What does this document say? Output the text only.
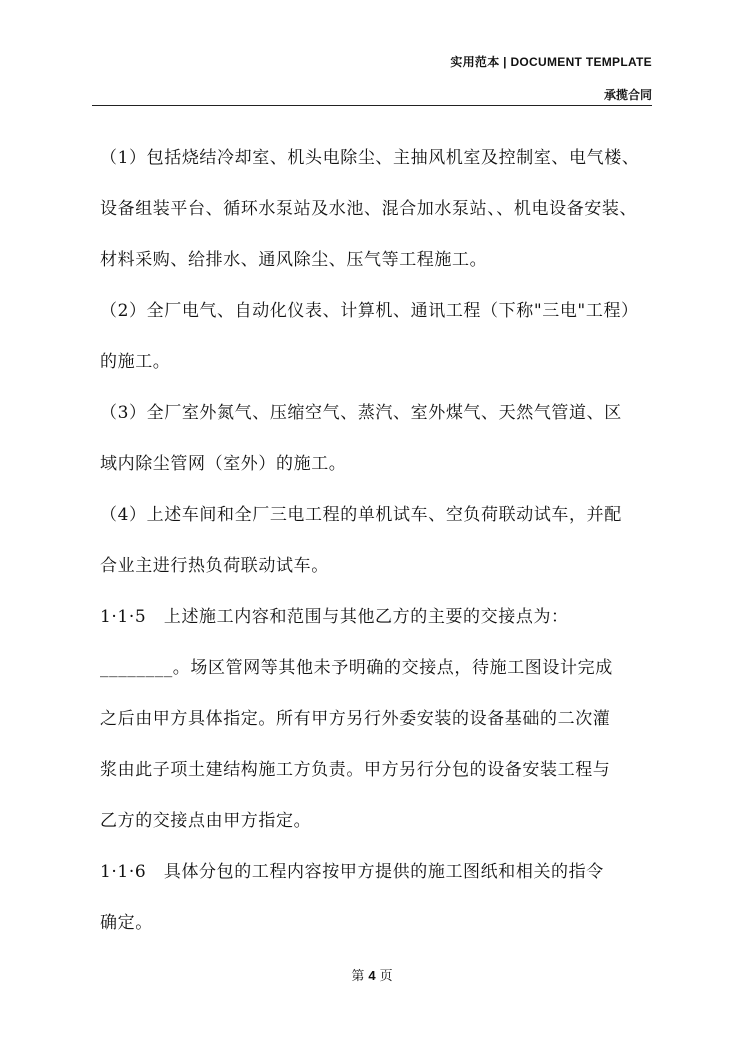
实用范本 | DOCUMENT TEMPLATE
承揽合同
（1）包括烧结冷却室、机头电除尘、主抽风机室及控制室、电气楼、
设备组装平台、循环水泵站及水池、混合加水泵站、、机电设备安装、
材料采购、给排水、通风除尘、压气等工程施工。
（2）全厂电气、自动化仪表、计算机、通讯工程（下称"三电"工程）
的施工。
（3）全厂室外氮气、压缩空气、蒸汽、室外煤气、天然气管道、区
域内除尘管网（室外）的施工。
（4）上述车间和全厂三电工程的单机试车、空负荷联动试车，并配
合业主进行热负荷联动试车。
1·1·5　上述施工内容和范围与其他乙方的主要的交接点为：
________。场区管网等其他未予明确的交接点，待施工图设计完成
之后由甲方具体指定。所有甲方另行外委安装的设备基础的二次灌
浆由此子项土建结构施工方负责。甲方另行分包的设备安装工程与
乙方的交接点由甲方指定。
1·1·6　具体分包的工程内容按甲方提供的施工图纸和相关的指令
确定。
第 4 页
